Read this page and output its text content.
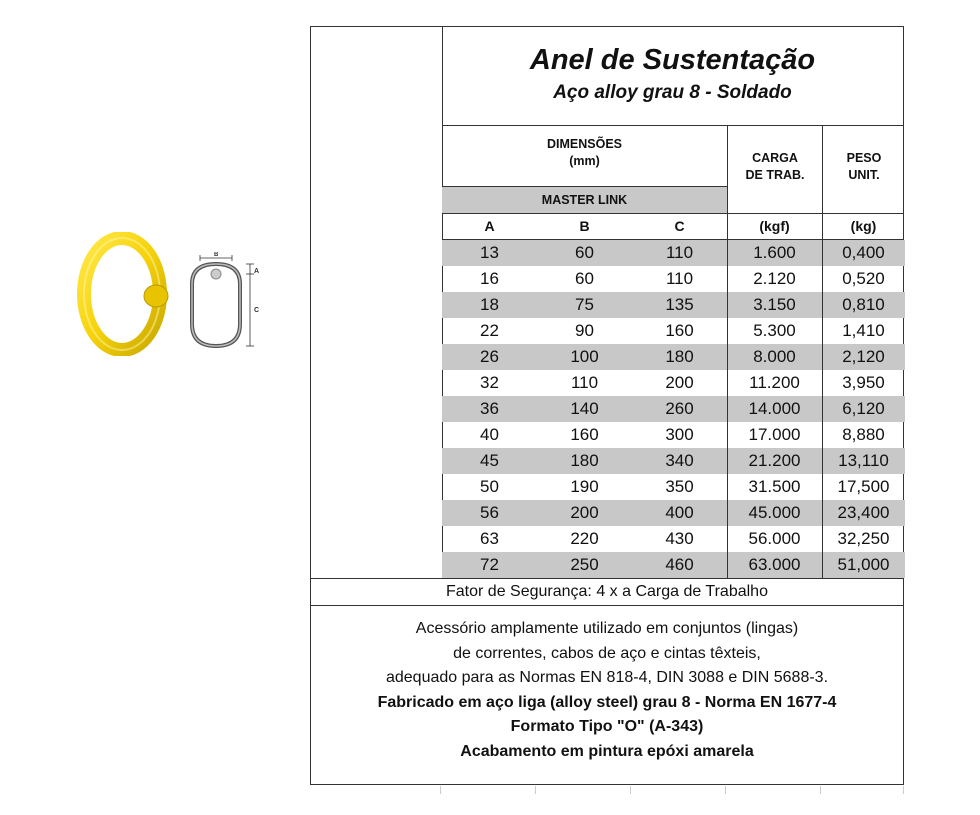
B
A
C
Anel de Sustentação
Aço alloy grau 8 - Soldado
DIMENSÕES
(mm)
MASTER LINK
CARGA
DE TRAB.
PESO
UNIT.
A	B	C	(kgf)	(kg)
13	60	110	1.600	0,400
16	60	110	2.120	0,520
18	75	135	3.150	0,810
22	90	160	5.300	1,410
26	100	180	8.000	2,120
32	110	200	11.200	3,950
36	140	260	14.000	6,120
40	160	300	17.000	8,880
45	180	340	21.200	13,110
50	190	350	31.500	17,500
56	200	400	45.000	23,400
63	220	430	56.000	32,250
72	250	460	63.000	51,000
Fator de Segurança: 4 x a Carga de Trabalho
Acessório amplamente utilizado em conjuntos (lingas)
de correntes, cabos de aço e cintas têxteis,
adequado para as Normas EN 818-4, DIN 3088 e DIN 5688-3.
Fabricado em aço liga (alloy steel) grau 8 - Norma EN 1677-4
Formato Tipo "O" (A-343)
Acabamento em pintura epóxi amarela
